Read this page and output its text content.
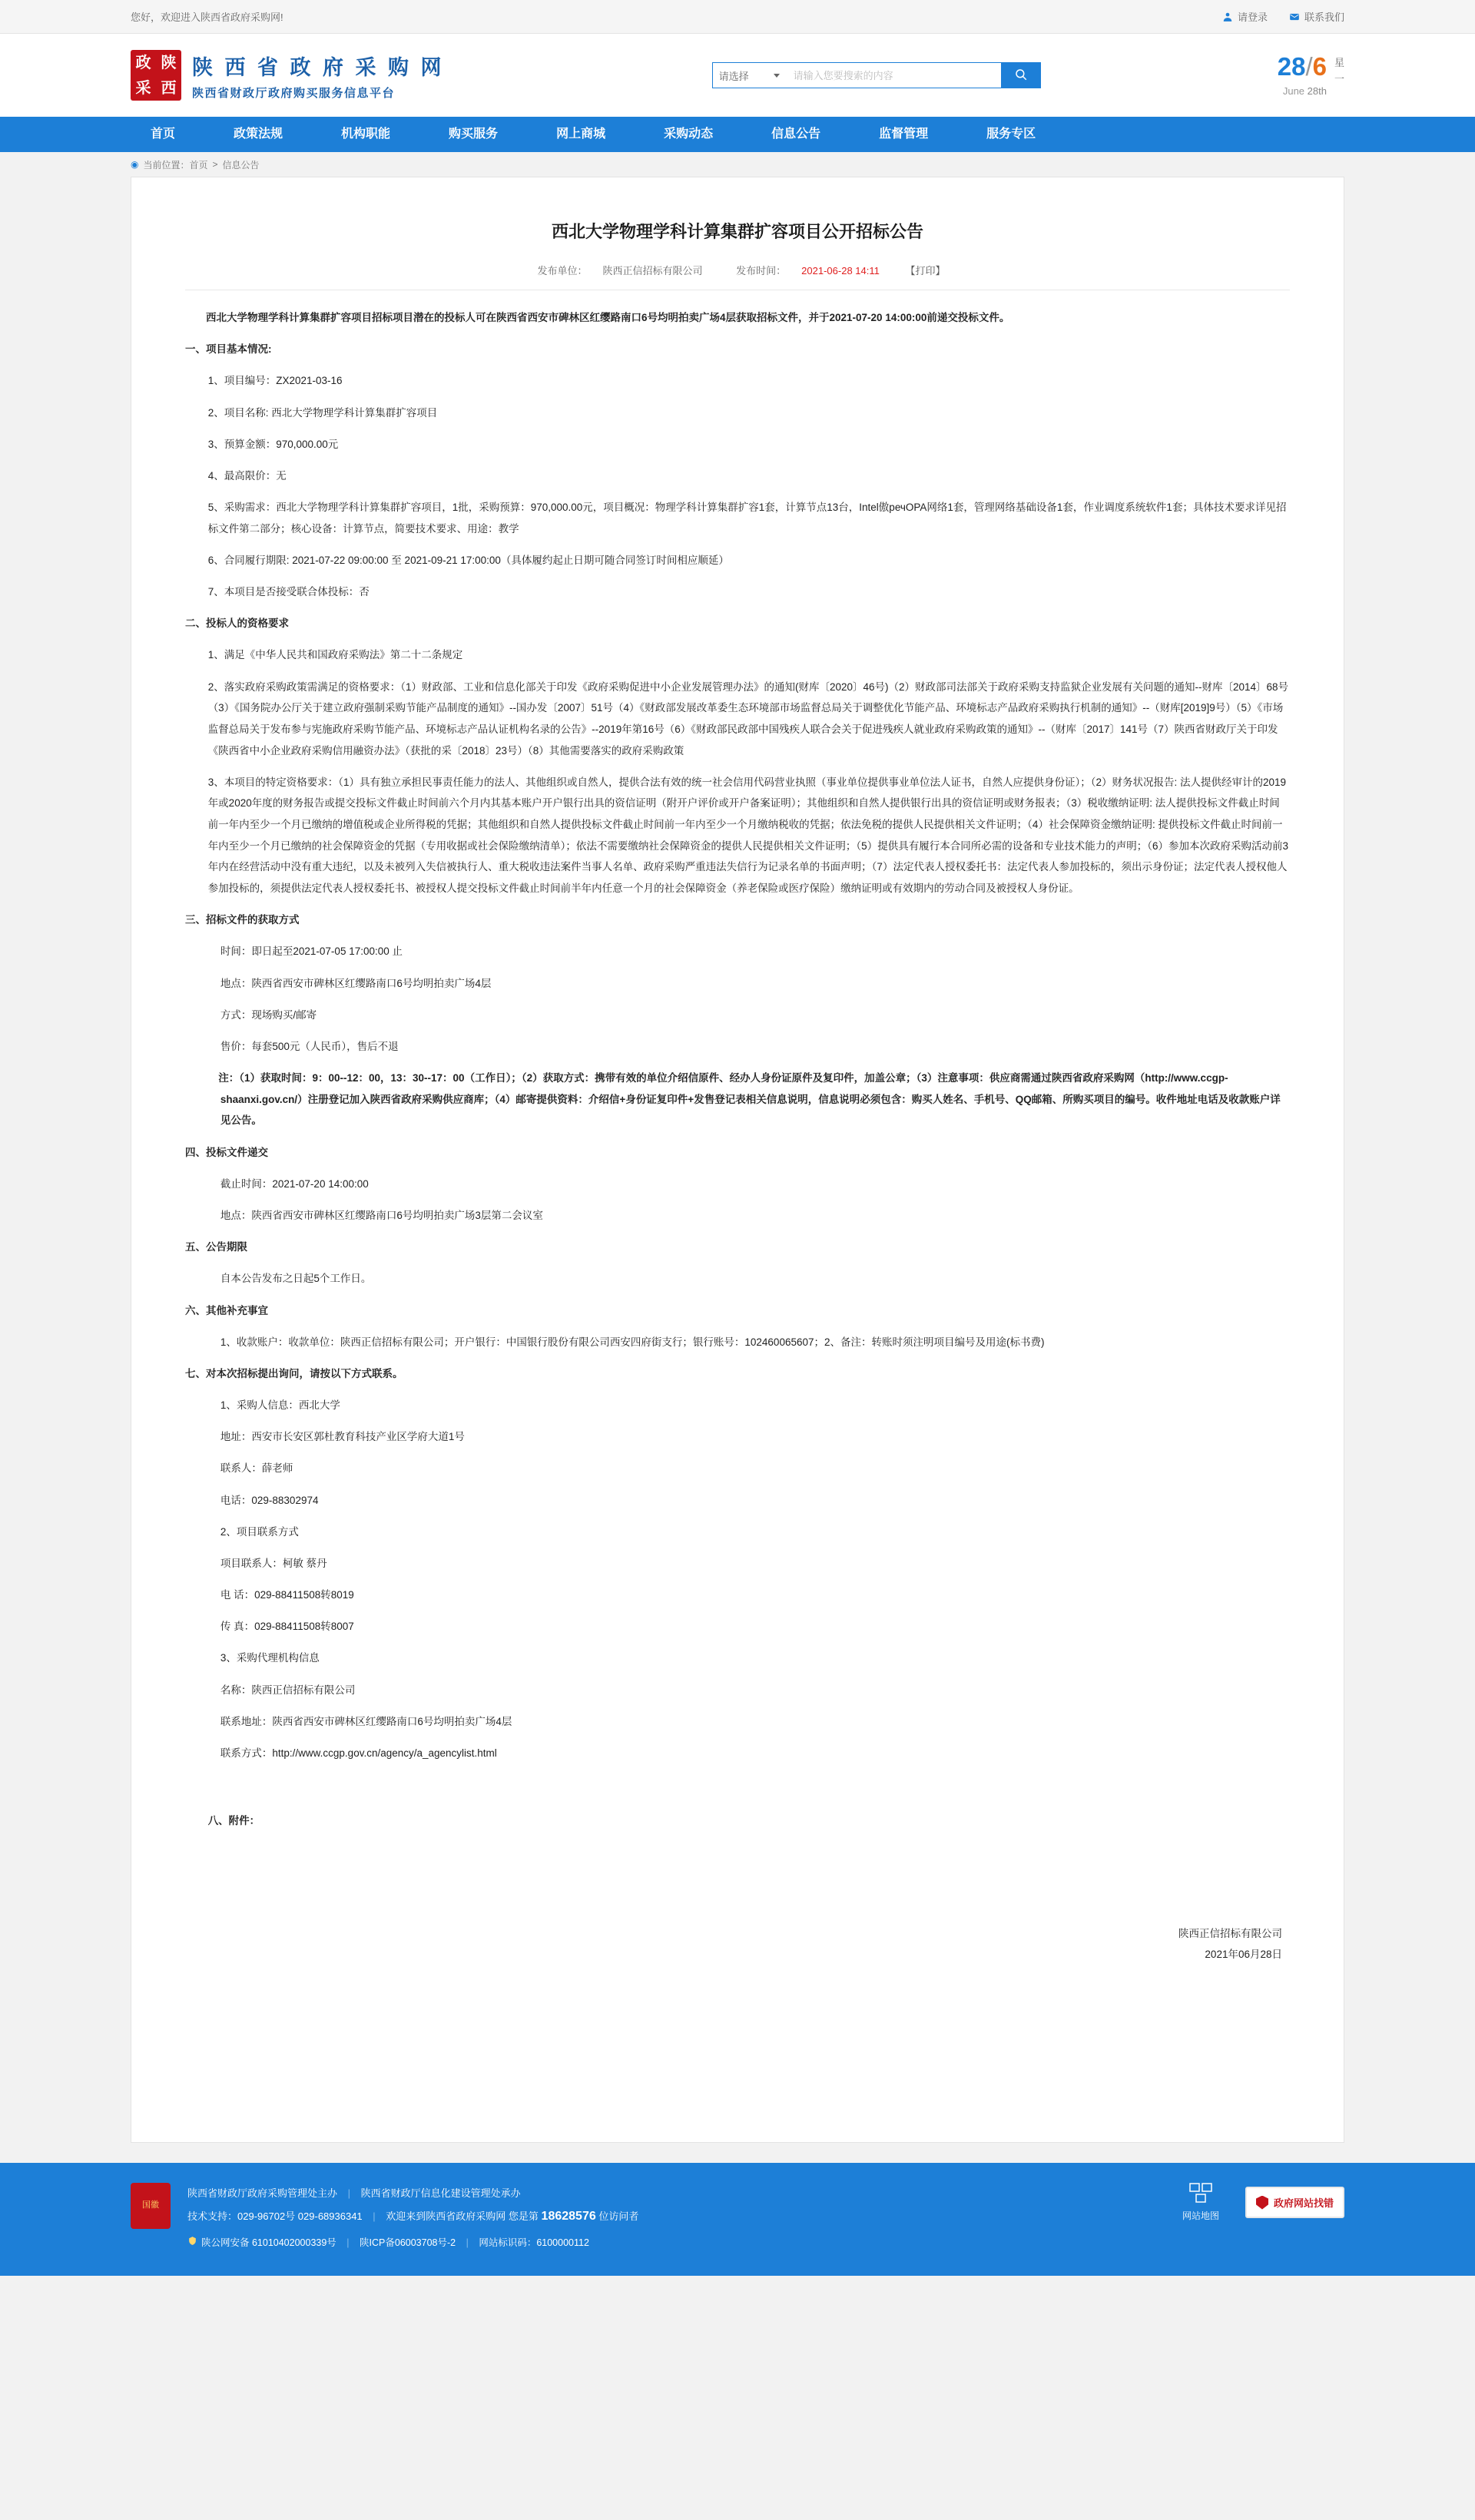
您好，欢迎进入陕西省政府采购网!	请登录	联系我们
政 陕
采 西
陕 西 省 政 府 采 购 网
陕西省财政厅政府购买服务信息平台
请选择
请输入您要搜索的内容	28/6
June 28th
星
一
首页	政策法规	机构职能	购买服务	网上商城	采购动态	信息公告	监督管理	服务专区
◉ 当前位置： 首页 > 信息公告
西北大学物理学科计算集群扩容项目公开招标公告
发布单位： 陕西正信招标有限公司	发布时间： 2021-06-28 14:11	【打印】

西北大学物理学科计算集群扩容项目招标项目潜在的投标人可在陕西省西安市碑林区红缨路南口6号均明拍卖广场4层获取招标文件，并于2021-07-20 14:00:00前递交投标文件。

一、项目基本情况:

1、项目编号：ZX2021-03-16

2、项目名称: 西北大学物理学科计算集群扩容项目

3、预算金额：970,000.00元

4、最高限价：无

5、采购需求：西北大学物理学科计算集群扩容项目，1批，采购预算：970,000.00元，项目概况：物理学科计算集群扩容1套，计算节点13台，Intel傲речOPA网络1套，管理网络基础设备1套，作业调度系统软件1套；具体技术要求详见招标文件第二部分；核心设备：计算节点，简要技术要求、用途：教学

6、合同履行期限: 2021-07-22 09:00:00 至 2021-09-21 17:00:00（具体履约起止日期可随合同签订时间相应顺延）

7、本项目是否接受联合体投标：否

二、投标人的资格要求

1、满足《中华人民共和国政府采购法》第二十二条规定

2、落实政府采购政策需满足的资格要求：（1）财政部、工业和信息化部关于印发《政府采购促进中小企业发展管理办法》的通知(财库〔2020〕46号)（2）财政部司法部关于政府采购支持监狱企业发展有关问题的通知--财库〔2014〕68号（3）《国务院办公厅关于建立政府强制采购节能产品制度的通知》--国办发〔2007〕51号（4）《财政部发展改革委生态环境部市场监督总局关于调整优化节能产品、环境标志产品政府采购执行机制的通知》--（财库[2019]9号）（5）《市场监督总局关于发布参与宪施政府采购节能产品、环境标志产品认证机构名录的公告》--2019年第16号（6）《财政部民政部中国残疾人联合会关于促进残疾人就业政府采购政策的通知》--（财库〔2017〕141号（7）陕西省财政厅关于印发《陕西省中小企业政府采购信用融资办法》（获批的采〔2018〕23号）（8）其他需要落实的政府采购政策

3、本项目的特定资格要求：（1）具有独立承担民事责任能力的法人、其他组织或自然人，提供合法有效的统一社会信用代码营业执照（事业单位提供事业单位法人证书，自然人应提供身份证）；（2）财务状况报告: 法人提供经审计的2019年或2020年度的财务报告或提交投标文件截止时间前六个月内其基本账户开户银行出具的资信证明（附开户评价或开户备案证明）；其他组织和自然人提供银行出具的资信证明或财务报表；（3）税收缴纳证明: 法人提供投标文件截止时间前一年内至少一个月已缴纳的增值税或企业所得税的凭据；其他组织和自然人提供投标文件截止时间前一年内至少一个月缴纳税收的凭据；依法免税的提供人民提供相关文件证明；（4）社会保障资金缴纳证明: 提供投标文件截止时间前一年内至少一个月已缴纳的社会保障资金的凭据（专用收据或社会保险缴纳清单）；依法不需要缴纳社会保障资金的提供人民提供相关文件证明；（5）提供具有履行本合同所必需的设备和专业技术能力的声明；（6）参加本次政府采购活动前3年内在经营活动中没有重大违纪，以及未被列入失信被执行人、重大税收违法案件当事人名单、政府采购严重违法失信行为记录名单的书面声明；（7）法定代表人授权委托书：法定代表人参加投标的，须出示身份证；法定代表人授权他人参加投标的，须提供法定代表人授权委托书、被授权人提交投标文件截止时间前半年内任意一个月的社会保障资金（养老保险或医疗保险）缴纳证明或有效期内的劳动合同及被授权人身份证。

三、招标文件的获取方式

时间：即日起至2021-07-05 17:00:00 止

地点：陕西省西安市碑林区红缨路南口6号均明拍卖广场4层

方式：现场购买/邮寄

售价：每套500元（人民币），售后不退

注：（1）获取时间：9：00--12：00，13：30--17：00（工作日）；（2）获取方式：携带有效的单位介绍信原件、经办人身份证原件及复印件，加盖公章；（3）注意事项：供应商需通过陕西省政府采购网（http://www.ccgp-shaanxi.gov.cn/）注册登记加入陕西省政府采购供应商库；（4）邮寄提供资料：介绍信+身份证复印件+发售登记表相关信息说明，信息说明必须包含：购买人姓名、手机号、QQ邮箱、所购买项目的编号。收件地址电话及收款账户详见公告。

四、投标文件递交

截止时间：2021-07-20 14:00:00

地点：陕西省西安市碑林区红缨路南口6号均明拍卖广场3层第二会议室

五、公告期限

自本公告发布之日起5个工作日。

六、其他补充事宜

1、收款账户：收款单位：陕西正信招标有限公司；开户银行：中国银行股份有限公司西安四府街支行；银行账号：102460065607；2、备注：转账时须注明项目编号及用途(标书费)

七、对本次招标提出询问，请按以下方式联系。

1、采购人信息：西北大学

地址：西安市长安区郭杜教育科技产业区学府大道1号

联系人：薛老师

电话：029-88302974

2、项目联系方式

项目联系人：柯敏 蔡丹

电 话：029-88411508转8019

传 真：029-88411508转8007

3、采购代理机构信息

名称：陕西正信招标有限公司

联系地址：陕西省西安市碑林区红缨路南口6号均明拍卖广场4层

联系方式：http://www.ccgp.gov.cn/agency/a_agencylist.html

八、附件：

陕西正信招标有限公司
2021年06月28日
国徽
陕西省财政厅政府采购管理处主办 | 陕西省财政厅信息化建设管理处承办
技术支持：029-96702号 029-68936341 | 欢迎来到陕西省政府采购网 您是第 18628576 位访问者
陕公网安备 61010402000339号 | 陕ICP备06003708号-2 | 网站标识码：6100000112
网站地图
政府网站找错
